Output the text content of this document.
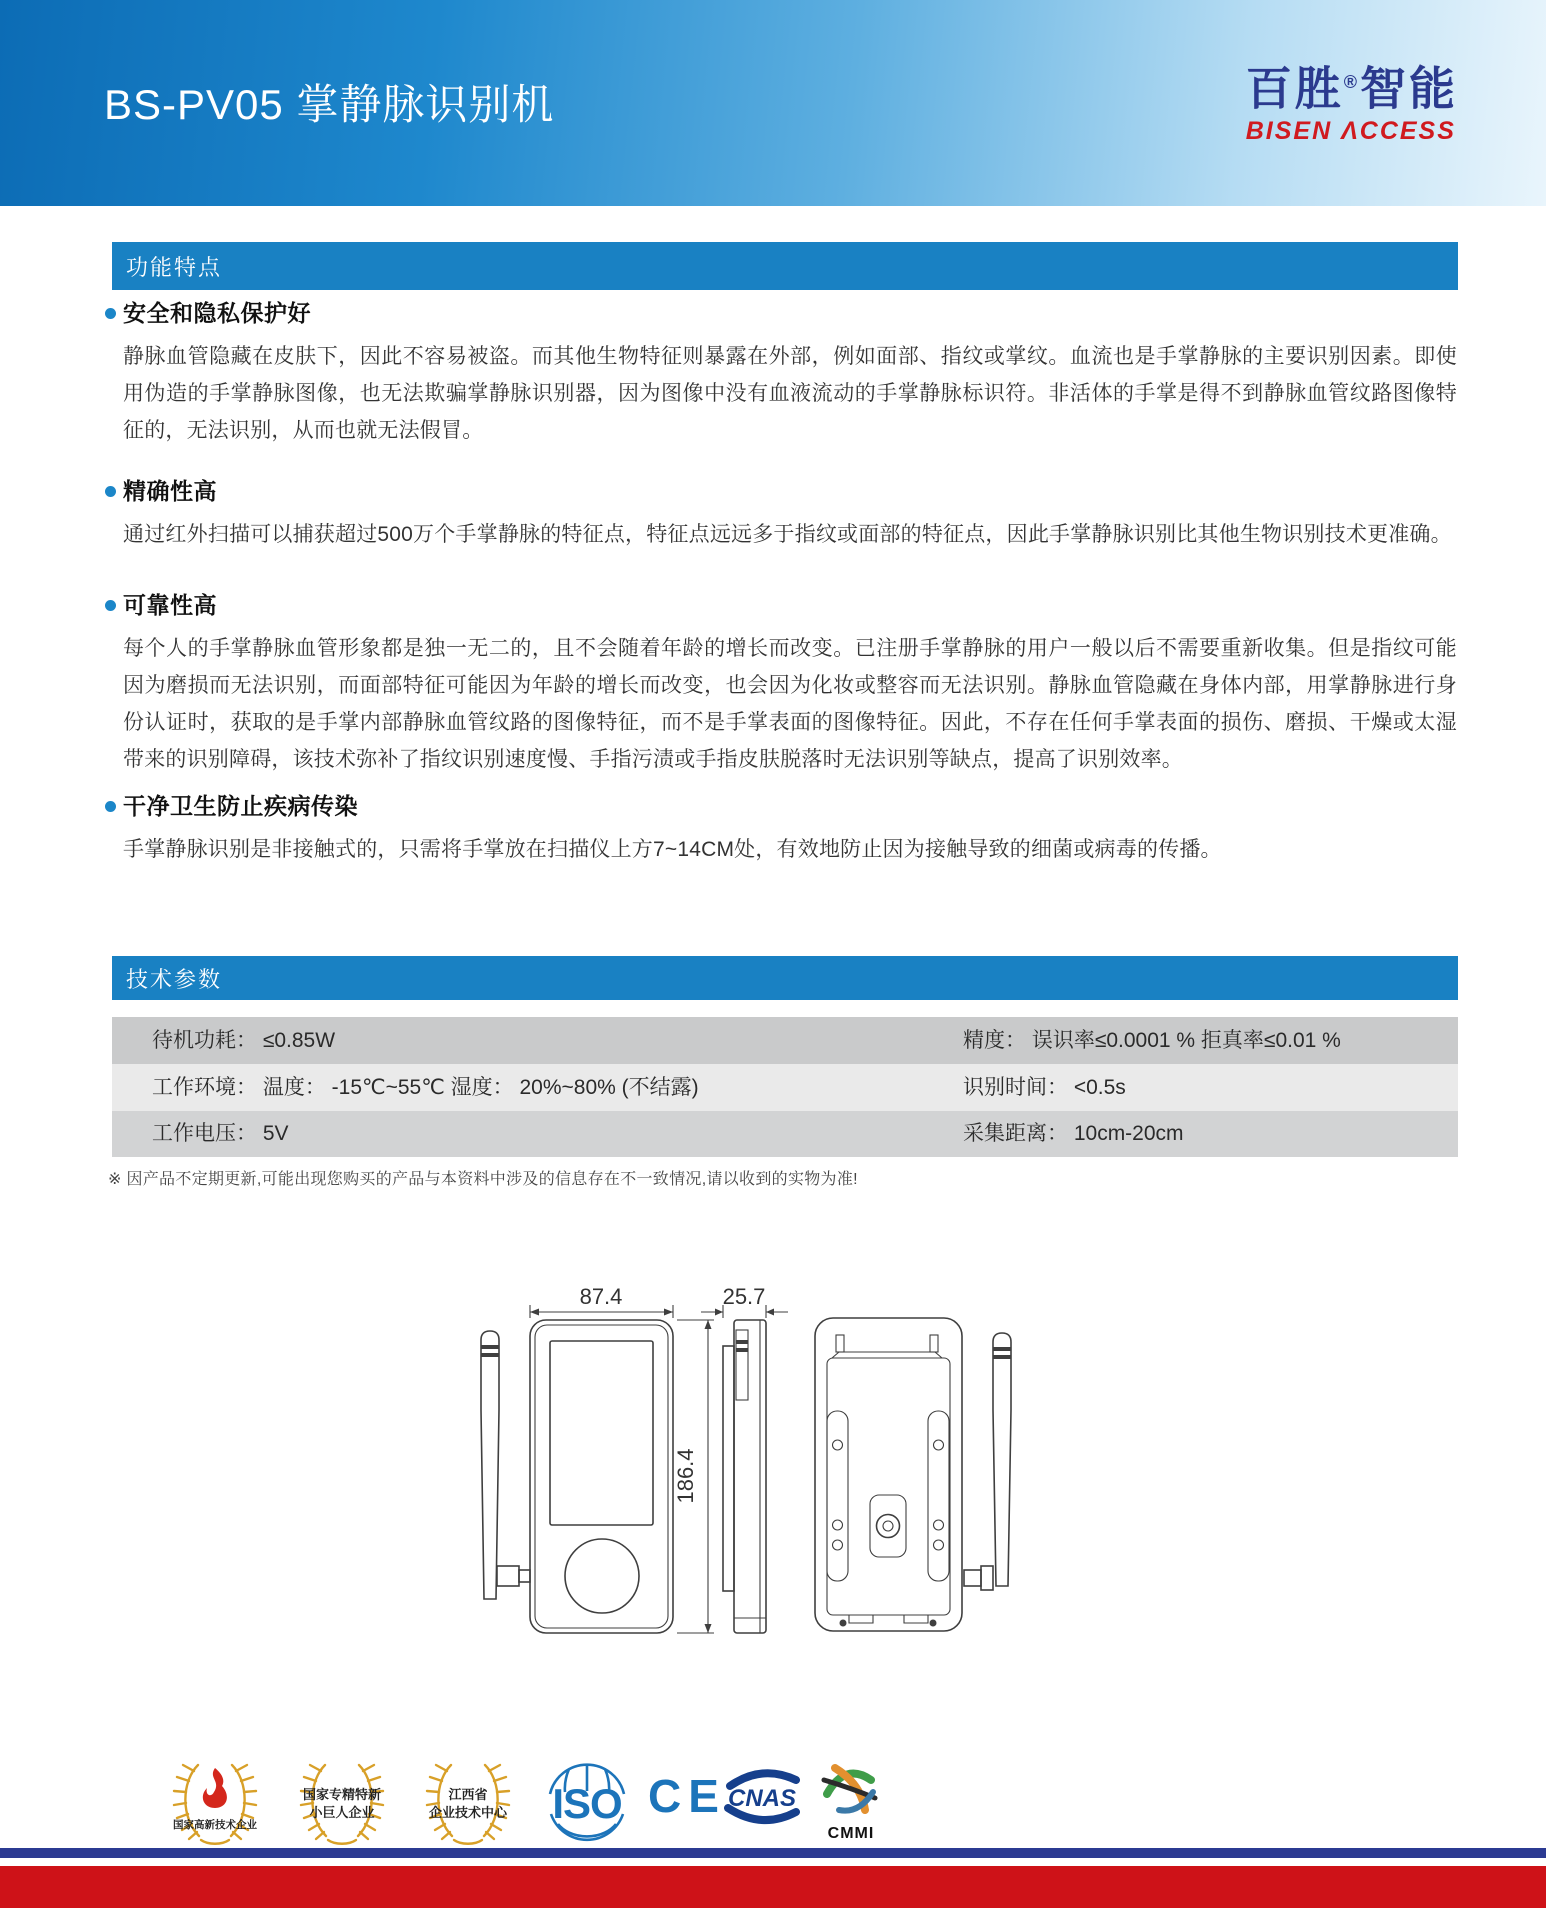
BS-PV05 掌静脉识别机	百胜®智能
BISEN ΛCCESS
功能特点
安全和隐私保护好

静脉血管隐藏在皮肤下，因此不容易被盗。而其他生物特征则暴露在外部，例如面部、指纹或掌纹。血流也是手掌静脉的主要识别因素。即使用伪造的手掌静脉图像，也无法欺骗掌静脉识别器，因为图像中没有血液流动的手掌静脉标识符。非活体的手掌是得不到静脉血管纹路图像特征的，无法识别，从而也就无法假冒。

精确性高

通过红外扫描可以捕获超过500万个手掌静脉的特征点，特征点远远多于指纹或面部的特征点，因此手掌静脉识别比其他生物识别技术更准确。

可靠性高

每个人的手掌静脉血管形象都是独一无二的，且不会随着年龄的增长而改变。已注册手掌静脉的用户一般以后不需要重新收集。但是指纹可能因为磨损而无法识别，而面部特征可能因为年龄的增长而改变，也会因为化妆或整容而无法识别。静脉血管隐藏在身体内部，用掌静脉进行身份认证时，获取的是手掌内部静脉血管纹路的图像特征，而不是手掌表面的图像特征。因此，不存在任何手掌表面的损伤、磨损、干燥或太湿带来的识别障碍，该技术弥补了指纹识别速度慢、手指污渍或手指皮肤脱落时无法识别等缺点，提高了识别效率。

干净卫生防止疾病传染

手掌静脉识别是非接触式的，只需将手掌放在扫描仪上方7~14CM处，有效地防止因为接触导致的细菌或病毒的传播。

技术参数
待机功耗： ≤0.85W	精度： 误识率≤0.0001 % 拒真率≤0.01 %
工作环境： 温度： -15℃~55℃ 湿度： 20%~80% (不结露)	识别时间： <0.5s
工作电压： 5V	采集距离： 10cm-20cm

※ 因产品不定期更新,可能出现您购买的产品与本资料中涉及的信息存在不一致情况,请以收到的实物为准!

87.4
186.4
25.7
国家高新技术企业
国家专精特新
小巨人企业
江西省
企业技术中心 ISO CE CNAS
CMMI
